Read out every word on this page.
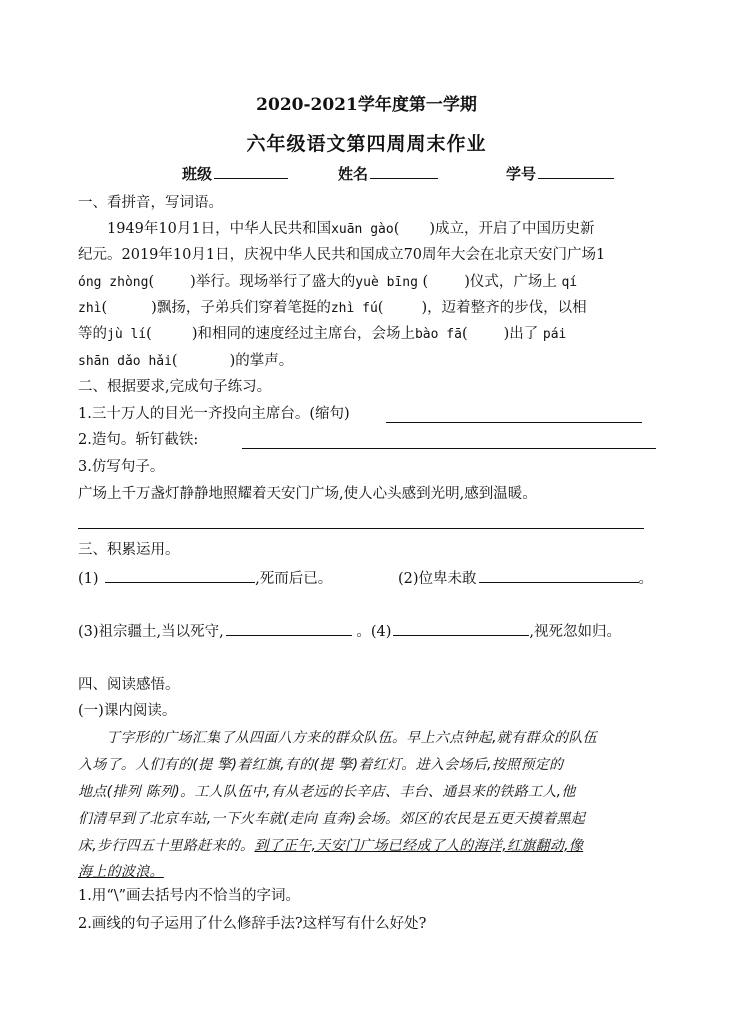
2020-2021学年度第一学期
六年级语文第四周周末作业
班级	姓名	学号
一、看拼音，写词语。
1949年10月1日，中华人民共和国xuān gào( )成立，开启了中国历史新
纪元。2019年10月1日，庆祝中华人民共和国成立70周年大会在北京天安门广场1
óng zhòng( )举行。现场举行了盛大的yuè bīng ( )仪式，广场上 qí
zhì(	)飘扬，子弟兵们穿着笔挺的zhì fú(	)，迈着整齐的步伐，以相
等的jù lí(	)和相同的速度经过主席台，会场上bào fā( )出了 pái
shān dǎo hǎi(	)的掌声。
二、根据要求,完成句子练习。
1.三十万人的目光一齐投向主席台。(缩句)
2.造句。斩钉截铁:
3.仿写句子。
广场上千万盏灯静静地照耀着天安门广场,使人心头感到光明,感到温暖。
三、积累运用。
(1)	,死而后已。	(2)位卑未敢	。
(3)祖宗疆土,当以死守,	。(4)	,视死忽如归。
四、阅读感悟。
(一)课内阅读。
丁字形的广场汇集了从四面八方来的群众队伍。早上六点钟起,就有群众的队伍
入场了。人们有的(提 擎)着红旗,有的(提 擎)着红灯。进入会场后,按照预定的
地点(排列 陈列)。工人队伍中,有从老远的长辛店、丰台、通县来的铁路工人,他
们清早到了北京车站,一下火车就(走向 直奔)会场。郊区的农民是五更天摸着黑起
床,步行四五十里路赶来的。到了正午,天安门广场已经成了人的海洋,红旗翻动,像
海上的波浪。
1.用“\”画去括号内不恰当的字词。
2.画线的句子运用了什么修辞手法?这样写有什么好处?
